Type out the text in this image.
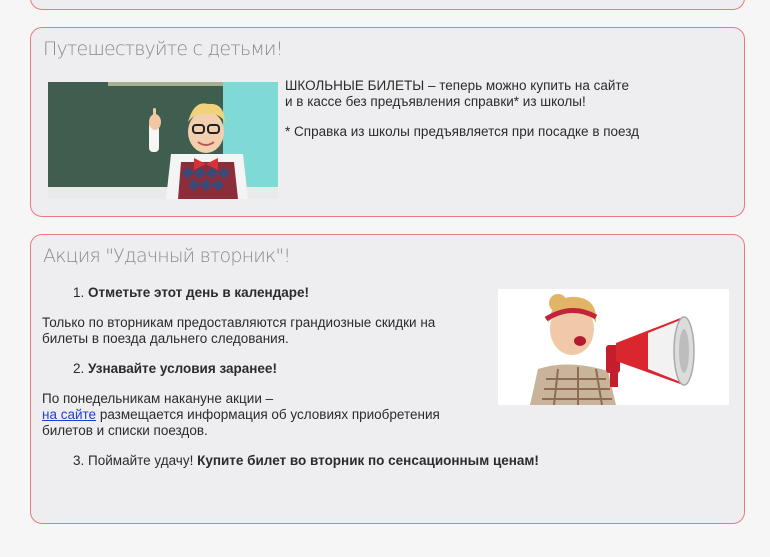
Путешествуйте с детьми!
ШКОЛЬНЫЕ БИЛЕТЫ – теперь можно купить на сайте
и в кассе без предъявления справки* из школы!
* Справка из школы предъявляется при посадке в поезд
Акция "Удачный вторник"!
1. Отметьте этот день в календаре!
Только по вторникам предоставляются грандиозные скидки на
билеты в поезда дальнего следования.
2. Узнавайте условия заранее!
По понедельникам накануне акции –
на сайте размещается информация об условиях приобретения
билетов и списки поездов.
3. Поймайте удачу! Купите билет во вторник по сенсационным ценам!
